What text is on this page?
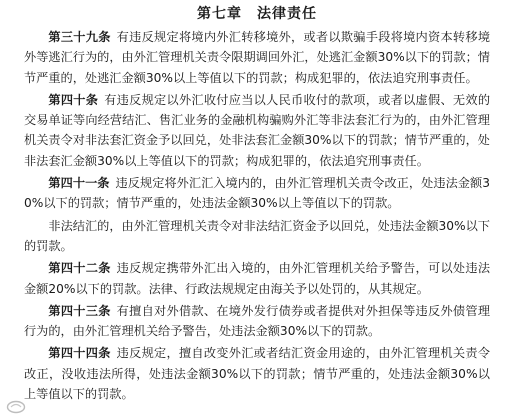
第七章　法律责任

第三十九条 有违反规定将境内外汇转移境外，或者以欺骗手段将境内资本转移境外等逃汇行为的，由外汇管理机关责令限期调回外汇，处逃汇金额30%以下的罚款；情节严重的，处逃汇金额30%以上等值以下的罚款；构成犯罪的，依法追究刑事责任。

第四十条 有违反规定以外汇收付应当以人民币收付的款项，或者以虚假、无效的交易单证等向经营结汇、售汇业务的金融机构骗购外汇等非法套汇行为的，由外汇管理机关责令对非法套汇资金予以回兑，处非法套汇金额30%以下的罚款；情节严重的，处非法套汇金额30%以上等值以下的罚款；构成犯罪的，依法追究刑事责任。

第四十一条 违反规定将外汇汇入境内的，由外汇管理机关责令改正，处违法金额30%以下的罚款；情节严重的，处违法金额30%以上等值以下的罚款。

非法结汇的，由外汇管理机关责令对非法结汇资金予以回兑，处违法金额30%以下的罚款。

第四十二条 违反规定携带外汇出入境的，由外汇管理机关给予警告，可以处违法金额20%以下的罚款。法律、行政法规规定由海关予以处罚的，从其规定。

第四十三条 有擅自对外借款、在境外发行债券或者提供对外担保等违反外债管理行为的，由外汇管理机关给予警告，处违法金额30%以下的罚款。

第四十四条 违反规定，擅自改变外汇或者结汇资金用途的，由外汇管理机关责令改正，没收违法所得，处违法金额30%以下的罚款；情节严重的，处违法金额30%以上等值以下的罚款。
